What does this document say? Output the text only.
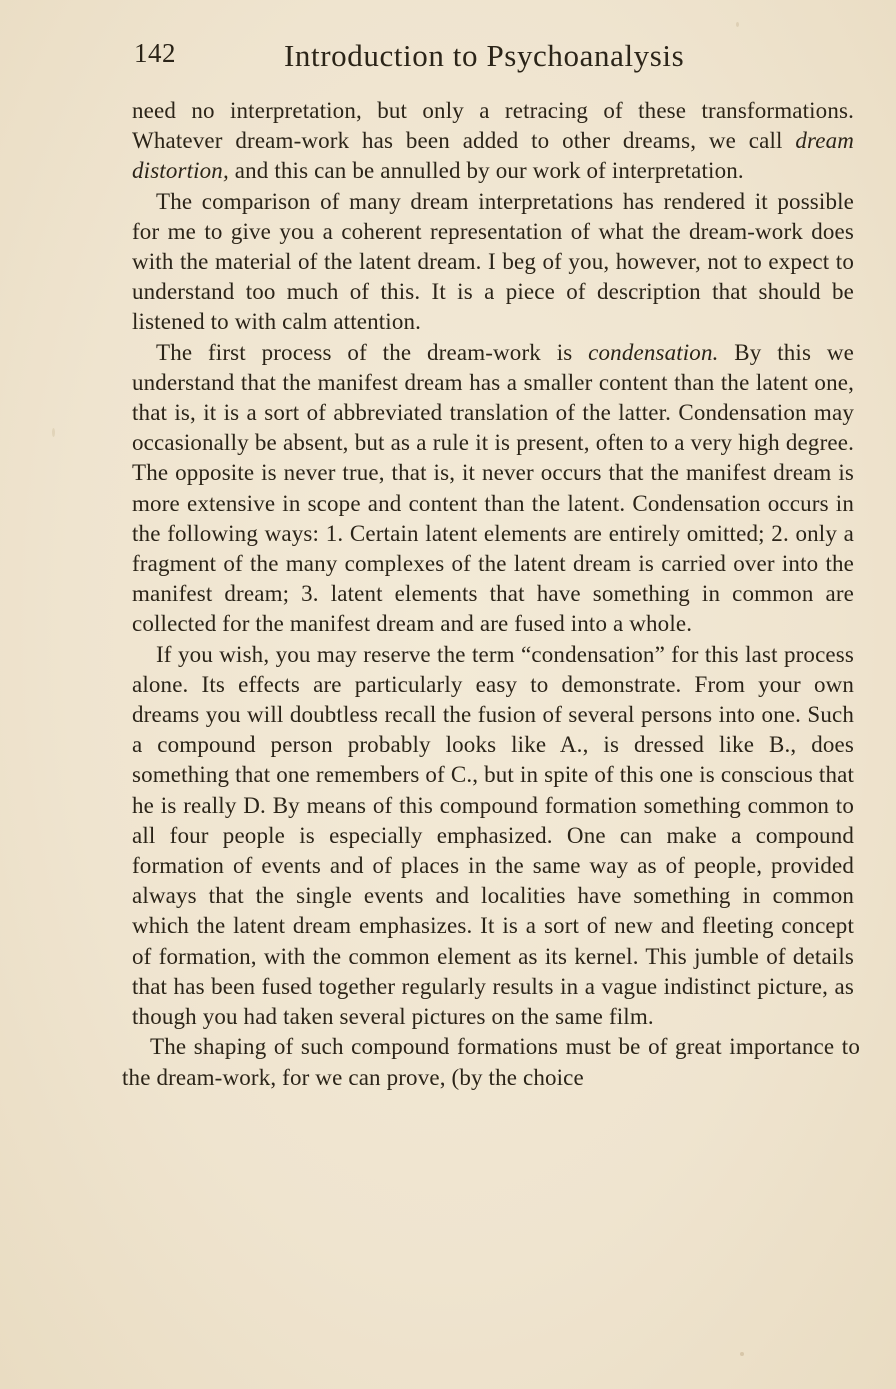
142	Introduction to Psychoanalysis

need no interpretation, but only a retracing of these transformations. Whatever dream-work has been added to other dreams, we call dream distortion, and this can be annulled by our work of interpretation.

The comparison of many dream interpretations has rendered it possible for me to give you a coherent representation of what the dream-work does with the material of the latent dream. I beg of you, however, not to expect to understand too much of this. It is a piece of description that should be listened to with calm attention.

The first process of the dream-work is condensation. By this we understand that the manifest dream has a smaller content than the latent one, that is, it is a sort of abbreviated translation of the latter. Condensation may occasionally be absent, but as a rule it is present, often to a very high degree. The opposite is never true, that is, it never occurs that the manifest dream is more extensive in scope and content than the latent. Condensation occurs in the following ways: 1. Certain latent elements are entirely omitted; 2. only a fragment of the many complexes of the latent dream is carried over into the manifest dream; 3. latent elements that have something in common are collected for the manifest dream and are fused into a whole.

If you wish, you may reserve the term “condensation” for this last process alone. Its effects are particularly easy to demonstrate. From your own dreams you will doubtless recall the fusion of several persons into one. Such a compound person probably looks like A., is dressed like B., does something that one remembers of C., but in spite of this one is conscious that he is really D. By means of this compound formation something common to all four people is especially emphasized. One can make a compound formation of events and of places in the same way as of people, provided always that the single events and localities have something in common which the latent dream emphasizes. It is a sort of new and fleeting concept of formation, with the common element as its kernel. This jumble of details that has been fused together regularly results in a vague indistinct picture, as though you had taken several pictures on the same film.

The shaping of such compound formations must be of great importance to the dream-work, for we can prove, (by the choice
